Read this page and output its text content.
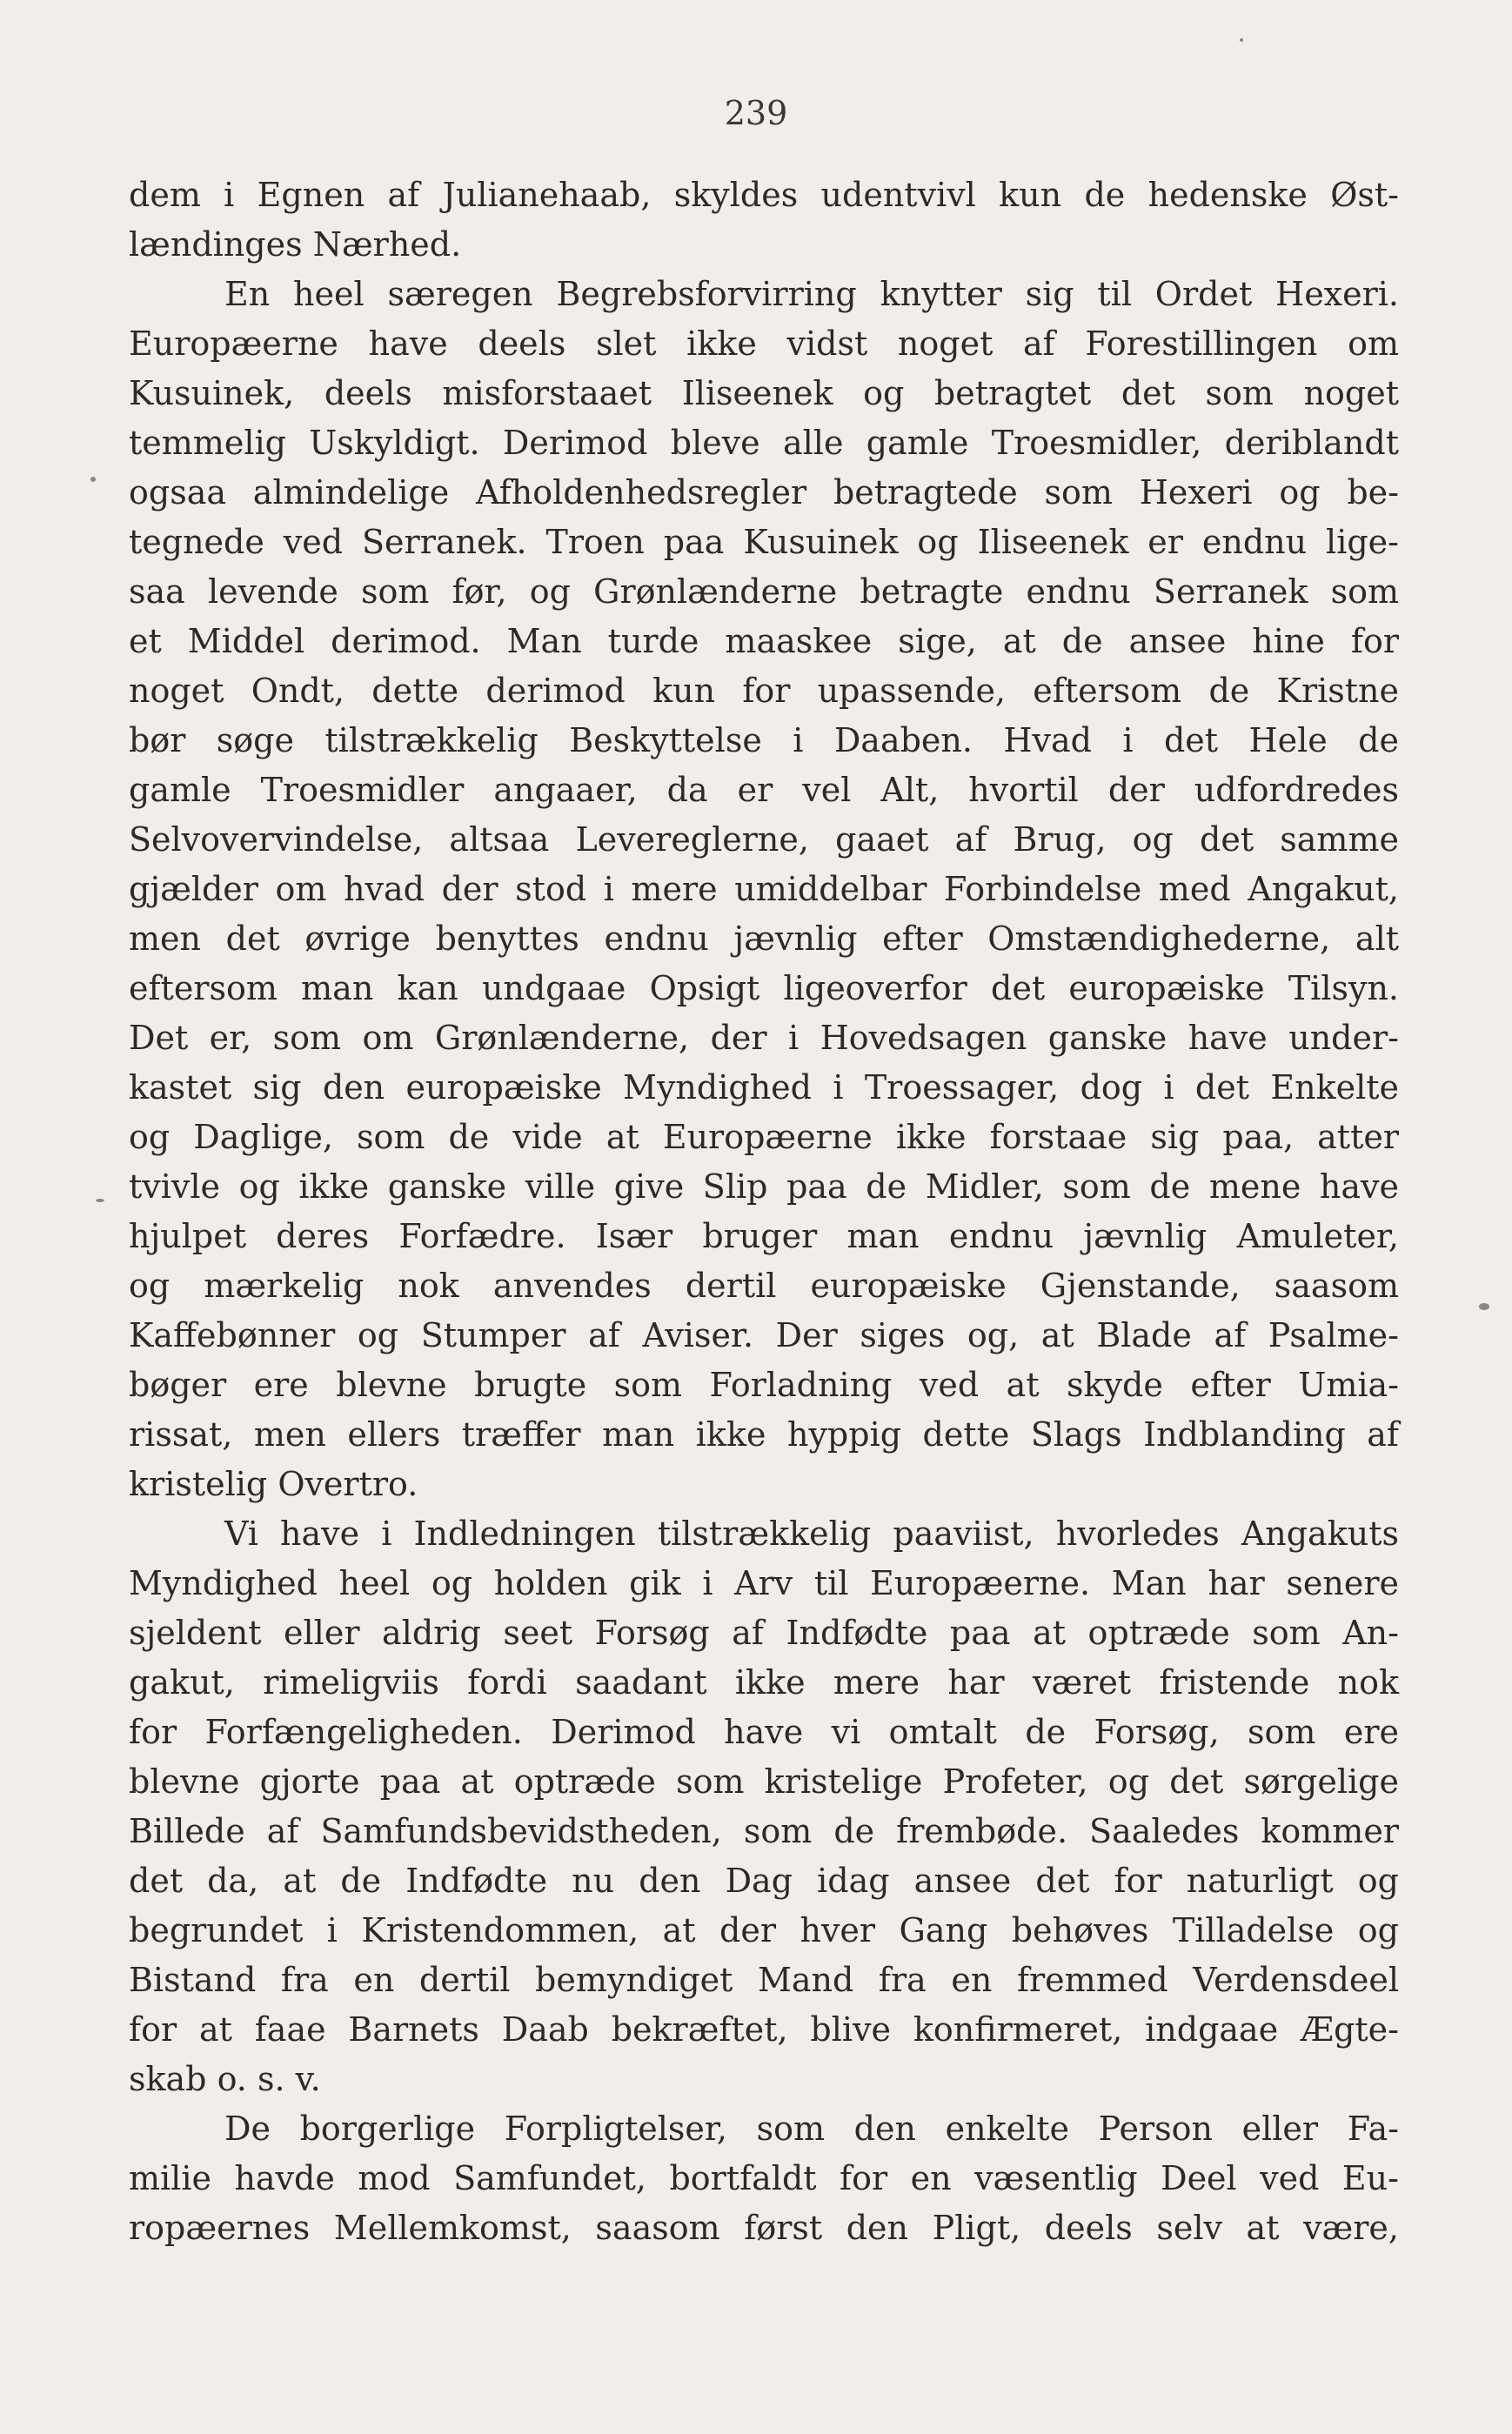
239
dem i Egnen af Julianehaab, skyldes udentvivl kun de hedenske Øst-
lændinges Nærhed.
En heel særegen Begrebsforvirring knytter sig til Ordet Hexeri.
Europæerne have deels slet ikke vidst noget af Forestillingen om
Kusuinek, deels misforstaaet Iliseenek og betragtet det som noget
temmelig Uskyldigt. Derimod bleve alle gamle Troesmidler, deriblandt
ogsaa almindelige Afholdenhedsregler betragtede som Hexeri og be-
tegnede ved Serranek. Troen paa Kusuinek og Iliseenek er endnu lige-
saa levende som før, og Grønlænderne betragte endnu Serranek som
et Middel derimod. Man turde maaskee sige, at de ansee hine for
noget Ondt, dette derimod kun for upassende, eftersom de Kristne
bør søge tilstrækkelig Beskyttelse i Daaben. Hvad i det Hele de
gamle Troesmidler angaaer, da er vel Alt, hvortil der udfordredes
Selvovervindelse, altsaa Levereglerne, gaaet af Brug, og det samme
gjælder om hvad der stod i mere umiddelbar Forbindelse med Angakut,
men det øvrige benyttes endnu jævnlig efter Omstændighederne, alt
eftersom man kan undgaae Opsigt ligeoverfor det europæiske Tilsyn.
Det er, som om Grønlænderne, der i Hovedsagen ganske have under-
kastet sig den europæiske Myndighed i Troessager, dog i det Enkelte
og Daglige, som de vide at Europæerne ikke forstaae sig paa, atter
tvivle og ikke ganske ville give Slip paa de Midler, som de mene have
hjulpet deres Forfædre. Især bruger man endnu jævnlig Amuleter,
og mærkelig nok anvendes dertil europæiske Gjenstande, saasom
Kaffebønner og Stumper af Aviser. Der siges og, at Blade af Psalme-
bøger ere blevne brugte som Forladning ved at skyde efter Umia-
rissat, men ellers træffer man ikke hyppig dette Slags Indblanding af
kristelig Overtro.
Vi have i Indledningen tilstrækkelig paaviist, hvorledes Angakuts
Myndighed heel og holden gik i Arv til Europæerne. Man har senere
sjeldent eller aldrig seet Forsøg af Indfødte paa at optræde som An-
gakut, rimeligviis fordi saadant ikke mere har været fristende nok
for Forfængeligheden. Derimod have vi omtalt de Forsøg, som ere
blevne gjorte paa at optræde som kristelige Profeter, og det sørgelige
Billede af Samfundsbevidstheden, som de frembøde. Saaledes kommer
det da, at de Indfødte nu den Dag idag ansee det for naturligt og
begrundet i Kristendommen, at der hver Gang behøves Tilladelse og
Bistand fra en dertil bemyndiget Mand fra en fremmed Verdensdeel
for at faae Barnets Daab bekræftet, blive konfirmeret, indgaae Ægte-
skab o. s. v.
De borgerlige Forpligtelser, som den enkelte Person eller Fa-
milie havde mod Samfundet, bortfaldt for en væsentlig Deel ved Eu-
ropæernes Mellemkomst, saasom først den Pligt, deels selv at være,
